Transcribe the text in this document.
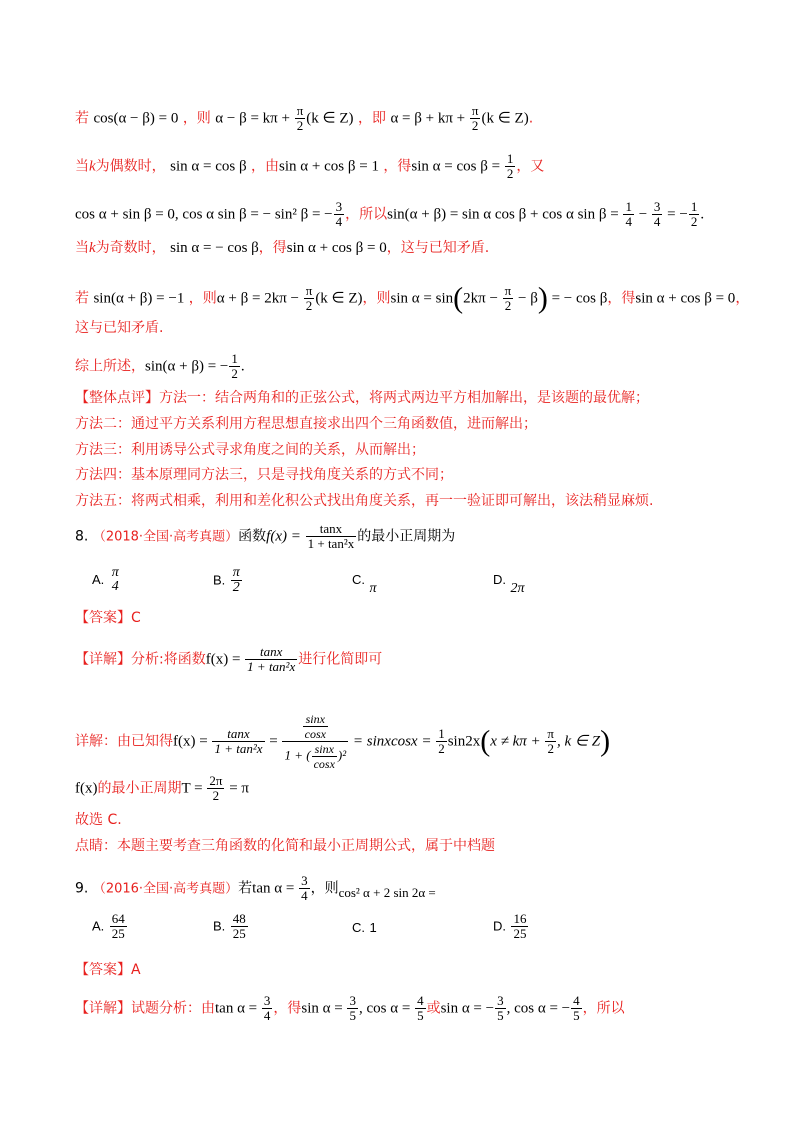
若 cos(α − β) = 0 ，则 $\alpha - \beta = k\pi + \frac{\pi}{2} (k$ ∈ Z) ，即 $\alpha = \beta + k\pi + \frac{\pi}{2} (k$ ∈ Z).
当k为偶数时， sin α = cos β ，由sin α + cos β = 1 ，得$\sin \alpha = \cos \beta = \frac{1}{2}$ ，又
cos α + sin β = 0, cos α sin β = − sin² β = − $\frac{3}{4}$ ，所以sin(α + β) = sin α cos β + cos α $\sin \beta = \frac{1}{4} - \frac{3}{4}$ = − $\frac{1}{2}$ .
当k为奇数时， sin α = − cos β，得sin α + cos β = 0，这与已知矛盾.
若 sin(α + β) = −1 ，则$\alpha + \beta = 2k\pi - \frac{\pi}{2} (k$ ∈ Z)，则$\sin \alpha = \sin(2k\pi - \frac{\pi}{2} - \beta)$ = − cos β，得sin α + cos β = 0，
这与已知矛盾.
综上所述，sin(α + β) = − $\frac{1}{2}$ .
【整体点评】方法一：结合两角和的正弦公式，将两式两边平方相加解出，是该题的最优解；
方法二：通过平方关系利用方程思想直接求出四个三角函数值，进而解出；
方法三：利用诱导公式寻求角度之间的关系，从而解出；
方法四：基本原理同方法三，只是寻找角度关系的方式不同；
方法五：将两式相乘，利用和差化积公式找出角度关系，再一一验证即可解出，该法稍显麻烦.
8. （2018·全国·高考真题）函数$f(x) = \frac{\tan x}{\text{1 + tan²x}}$ 的最小正周期为
A. π
4	B. $\frac{\pi}{2}$	C. π
D. 2π
【答案】C
【详解】分析:将函数$f(x) = \frac{\tan x}{\text{1 + tan²x}}$ 进行化简即可
详解：由已知得$f(x) = \frac{\tan x}{\text{1 + tan²x}} = \frac{\frac{\sin x}{\cos x}}{1 + ( \frac{\sin x}{\cos x} )^2}$ = sinxcosx = $\frac{1}{2} \sin 2x(x \ne k\pi + \frac{\pi}{2}$ , k ∈ Z)
f(x)的最小正周期$T = \frac{2\pi}{2} = \pi$
故选 C.
点睛：本题主要考查三角函数的化简和最小正周期公式，属于中档题
9. （2016·全国·高考真题）若$\tan \alpha = \frac{3}{4}$ ，则cos² α + 2 sin 2α =
A. $\frac{64}{25}$	B. $\frac{48}{25}$	C. 1	D. $\frac{16}{25}$
【答案】A
【详解】试题分析：由$\tan \alpha = \frac{3}{4}$ ，得$\sin \alpha = \frac{3}{5}$ , $\cos \alpha = \frac{4}{5}$ 或sin α = − $\frac{3}{5}$ , cos α = − $\frac{4}{5}$ ，所以
